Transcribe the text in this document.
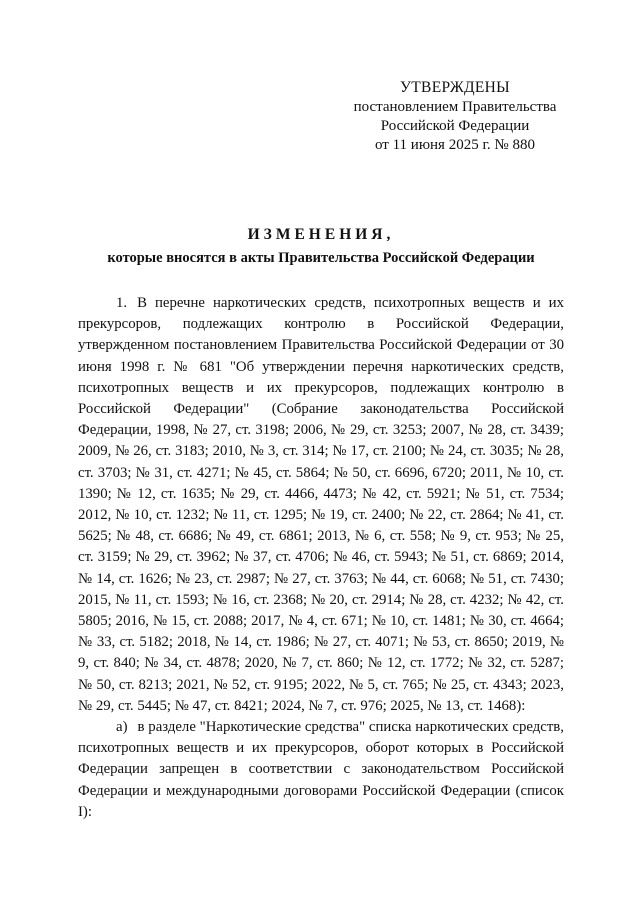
УТВЕРЖДЕНЫ
постановлением Правительства
Российской Федерации
от 11 июня 2025 г. № 880
ИЗМЕНЕНИЯ,
которые вносятся в акты Правительства Российской Федерации

1. В перечне наркотических средств, психотропных веществ и их прекурсоров, подлежащих контролю в Российской Федерации, утвержденном постановлением Правительства Российской Федерации от 30 июня 1998 г. № 681 "Об утверждении перечня наркотических средств, психотропных веществ и их прекурсоров, подлежащих контролю в Российской Федерации" (Собрание законодательства Российской Федерации, 1998, № 27, ст. 3198; 2006, № 29, ст. 3253; 2007, № 28, ст. 3439; 2009, № 26, ст. 3183; 2010, № 3, ст. 314; № 17, ст. 2100; № 24, ст. 3035; № 28, ст. 3703; № 31, ст. 4271; № 45, ст. 5864; № 50, ст. 6696, 6720; 2011, № 10, ст. 1390; № 12, ст. 1635; № 29, ст. 4466, 4473; № 42, ст. 5921; № 51, ст. 7534; 2012, № 10, ст. 1232; № 11, ст. 1295; № 19, ст. 2400; № 22, ст. 2864; № 41, ст. 5625; № 48, ст. 6686; № 49, ст. 6861; 2013, № 6, ст. 558; № 9, ст. 953; № 25, ст. 3159; № 29, ст. 3962; № 37, ст. 4706; № 46, ст. 5943; № 51, ст. 6869; 2014, № 14, ст. 1626; № 23, ст. 2987; № 27, ст. 3763; № 44, ст. 6068; № 51, ст. 7430; 2015, № 11, ст. 1593; № 16, ст. 2368; № 20, ст. 2914; № 28, ст. 4232; № 42, ст. 5805; 2016, № 15, ст. 2088; 2017, № 4, ст. 671; № 10, ст. 1481; № 30, ст. 4664; № 33, ст. 5182; 2018, № 14, ст. 1986; № 27, ст. 4071; № 53, ст. 8650; 2019, № 9, ст. 840; № 34, ст. 4878; 2020, № 7, ст. 860; № 12, ст. 1772; № 32, ст. 5287; № 50, ст. 8213; 2021, № 52, ст. 9195; 2022, № 5, ст. 765; № 25, ст. 4343; 2023, № 29, ст. 5445; № 47, ст. 8421; 2024, № 7, ст. 976; 2025, № 13, ст. 1468):

а) в разделе "Наркотические средства" списка наркотических средств, психотропных веществ и их прекурсоров, оборот которых в Российской Федерации запрещен в соответствии с законодательством Российской Федерации и международными договорами Российской Федерации (список I):
